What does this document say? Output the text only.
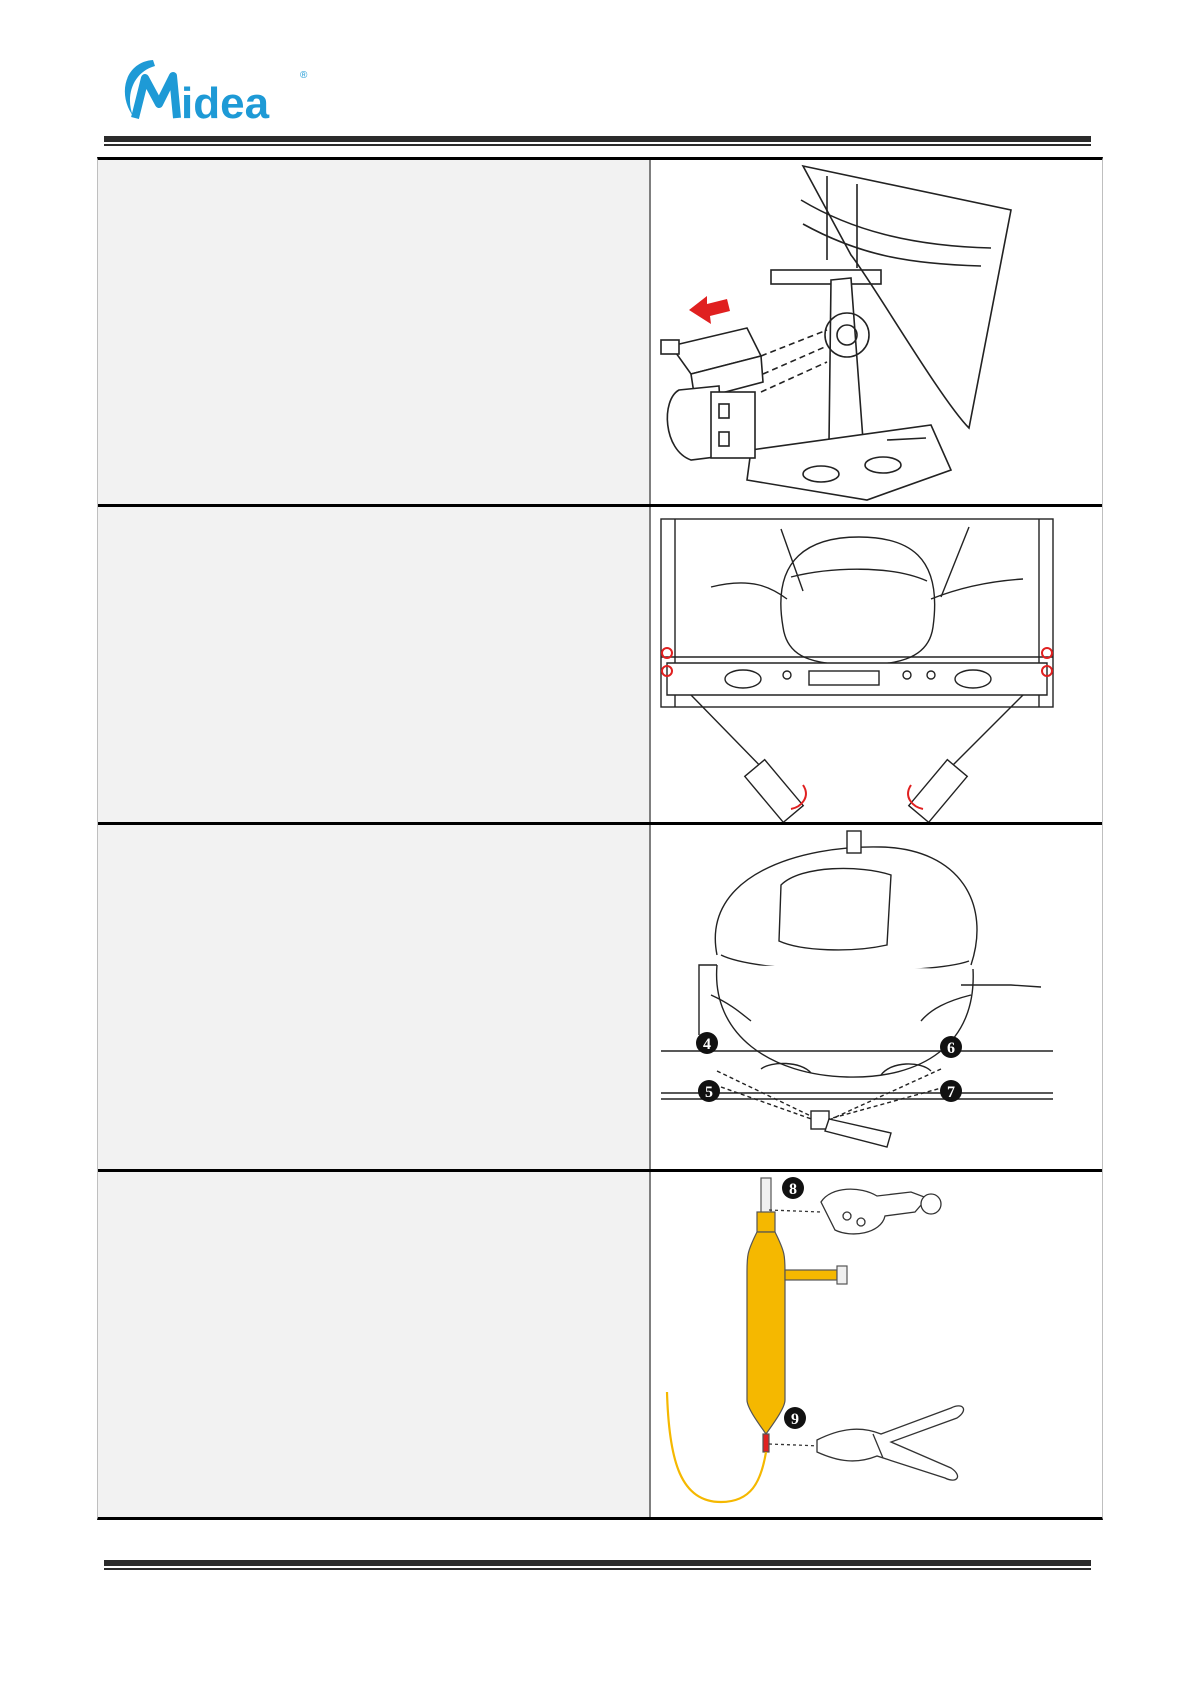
idea
®
4
5
6
7
8
9
